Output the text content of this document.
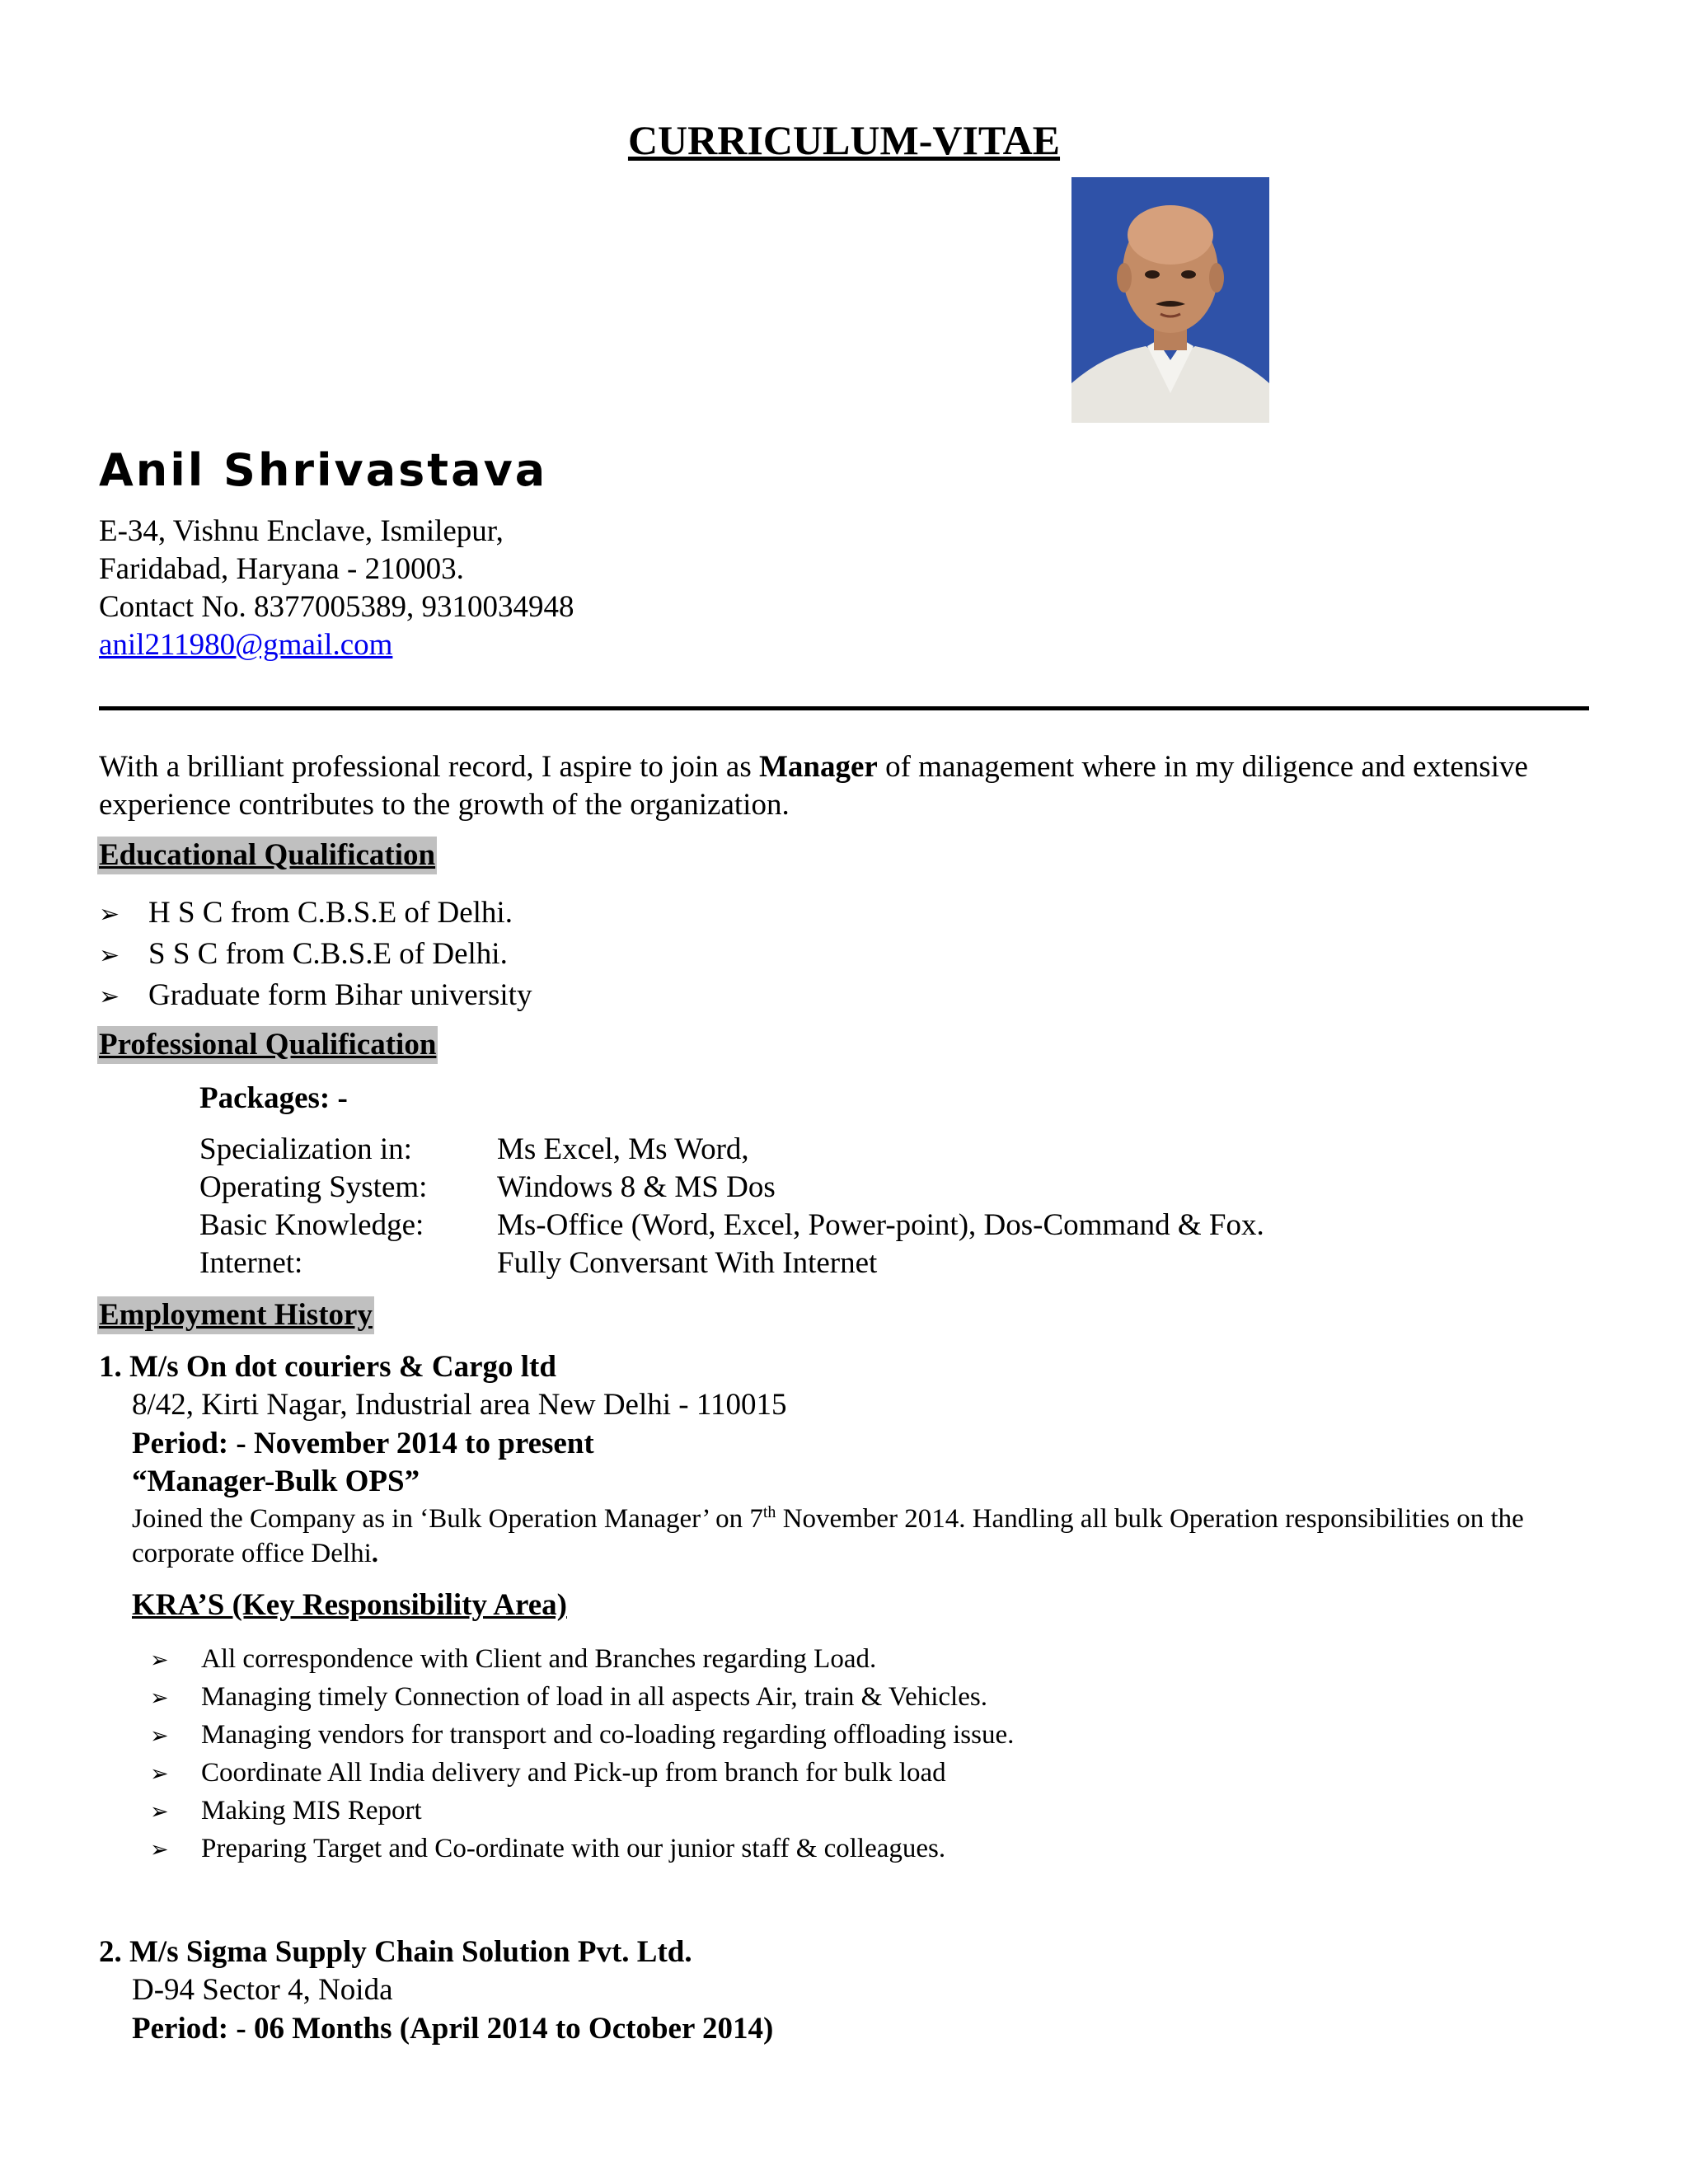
CURRICULUM-VITAE
Anil Shrivastava
E-34, Vishnu Enclave, Ismilepur,
Faridabad, Haryana - 210003.
Contact No. 8377005389, 9310034948
anil211980@gmail.com
With a brilliant professional record, I aspire to join as Manager of management where in my diligence and extensive experience contributes to the growth of the organization.
Educational Qualification
➢ H S C from C.B.S.E of Delhi.
➢ S S C from C.B.S.E of Delhi.
➢ Graduate form Bihar university
Professional Qualification
Packages: -
Specialization in:	Ms Excel, Ms Word,
Operating System: Windows 8 & MS Dos
Basic Knowledge: Ms-Office (Word, Excel, Power-point), Dos-Command & Fox.
Internet:	Fully Conversant With Internet
Employment History
1. M/s On dot couriers & Cargo ltd
8/42, Kirti Nagar, Industrial area New Delhi - 110015
Period: - November 2014 to present
“Manager-Bulk OPS”
Joined the Company as in ‘Bulk Operation Manager’ on 7th November 2014. Handling all bulk Operation responsibilities on the corporate office Delhi.
KRA’S (Key Responsibility Area)
➢ All correspondence with Client and Branches regarding Load.
➢ Managing timely Connection of load in all aspects Air, train & Vehicles.
➢ Managing vendors for transport and co-loading regarding offloading issue.
➢ Coordinate All India delivery and Pick-up from branch for bulk load
➢ Making MIS Report
➢ Preparing Target and Co-ordinate with our junior staff & colleagues.
2. M/s Sigma Supply Chain Solution Pvt. Ltd.
D-94 Sector 4, Noida
Period: - 06 Months (April 2014 to October 2014)
